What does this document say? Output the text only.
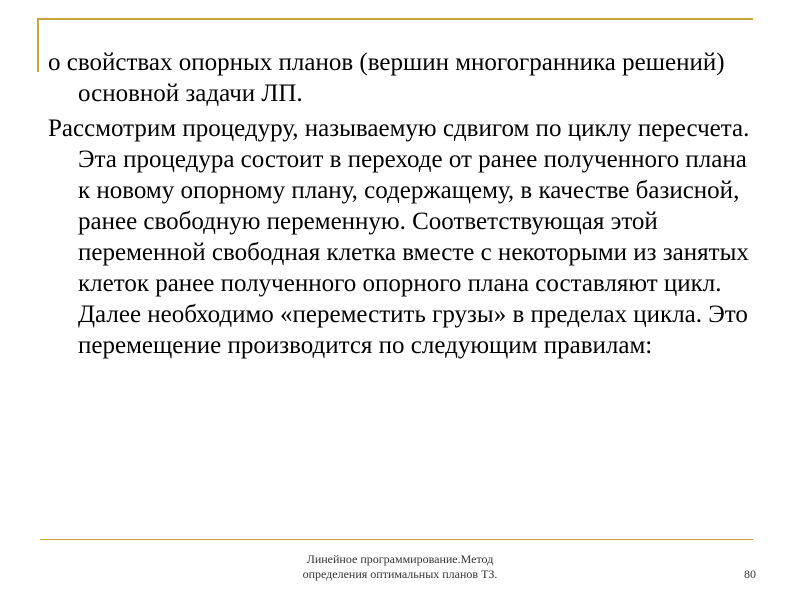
о свойствах опорных планов (вершин многогранника решений) основной задачи ЛП.

Рассмотрим процедуру, называемую сдвигом по циклу пересчета. Эта процедура состоит в переходе от ранее полученного плана к новому опорному плану, содержащему, в качестве базисной, ранее свободную переменную. Соответствующая этой переменной свободная клетка вместе с некоторыми из занятых клеток ранее полученного опорного плана составляют цикл. Далее необходимо «переместить грузы» в пределах цикла. Это перемещение производится по следующим правилам:

Линейное программирование.Метод
определения оптимальных планов ТЗ.	80
